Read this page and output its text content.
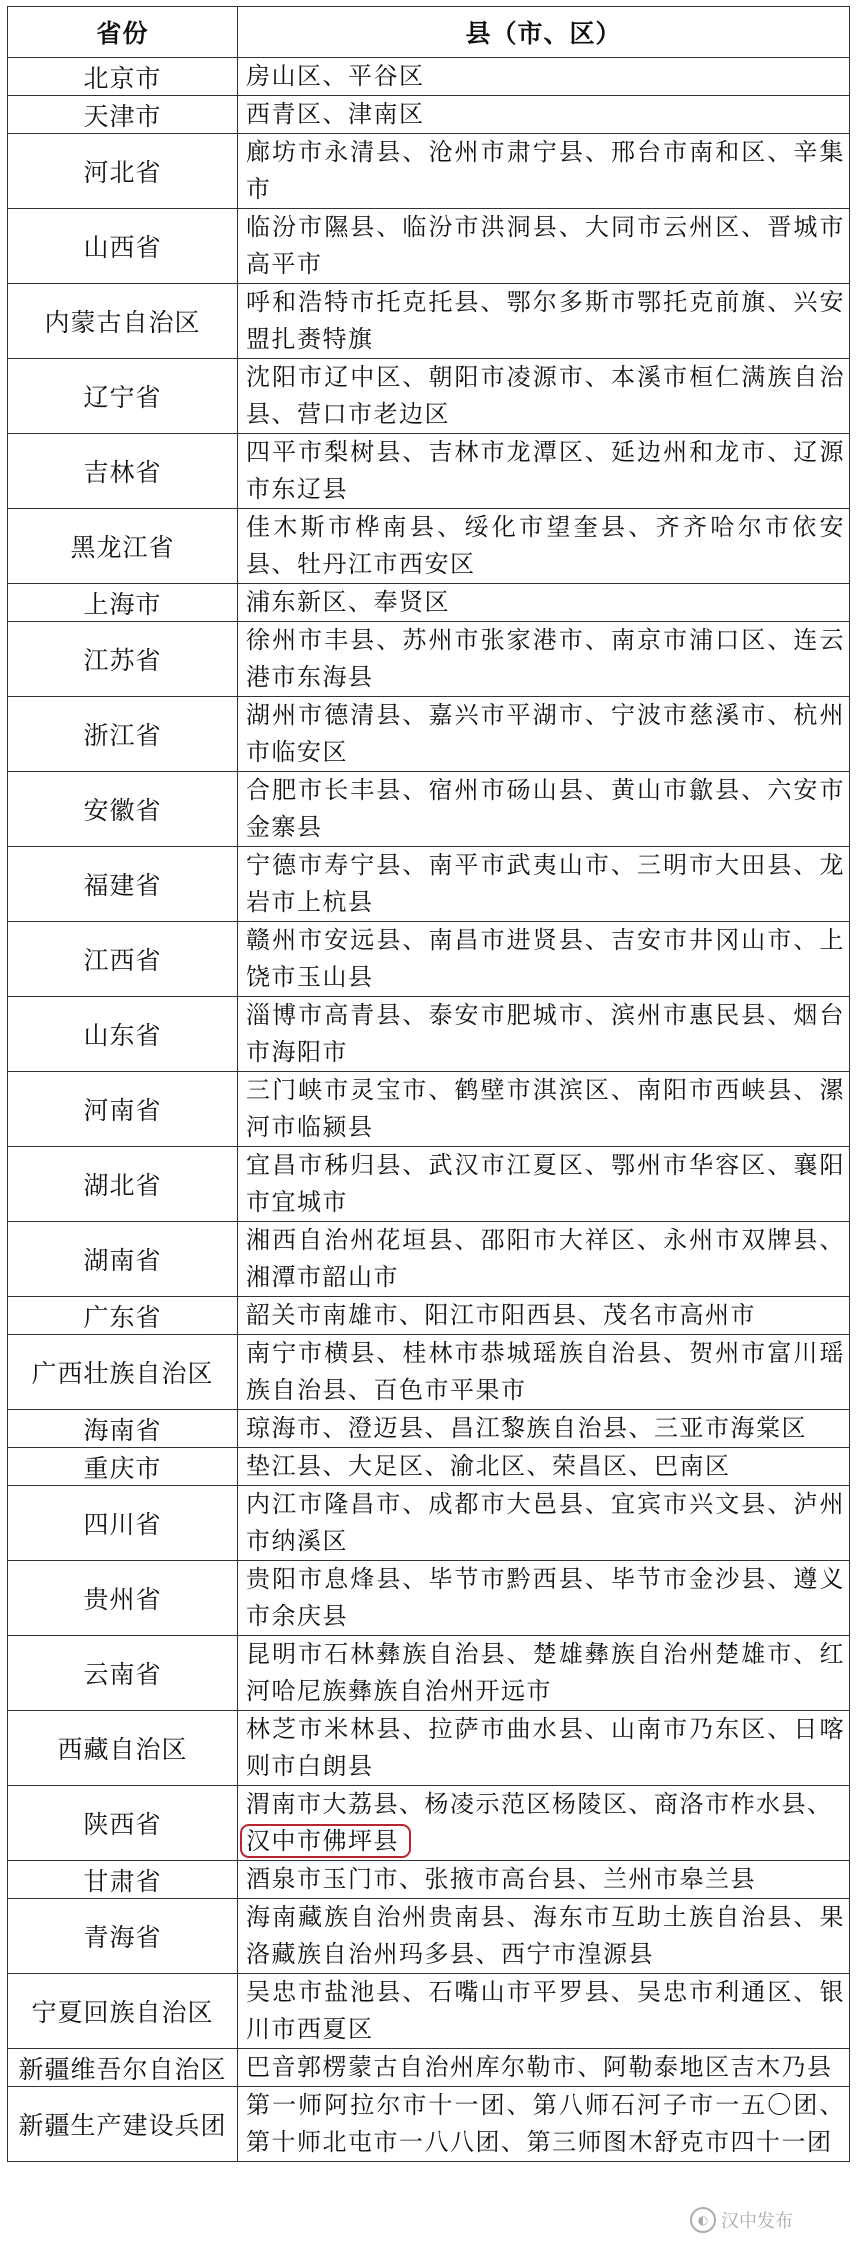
省份	县（市、区）
北京市	房山区、平谷区
天津市	西青区、津南区
河北省	廊坊市永清县、沧州市肃宁县、邢台市南和区、辛集市
山西省	临汾市隰县、临汾市洪洞县、大同市云州区、晋城市高平市
内蒙古自治区	呼和浩特市托克托县、鄂尔多斯市鄂托克前旗、兴安盟扎赉特旗
辽宁省	沈阳市辽中区、朝阳市凌源市、本溪市桓仁满族自治县、营口市老边区
吉林省	四平市梨树县、吉林市龙潭区、延边州和龙市、辽源市东辽县
黑龙江省	佳木斯市桦南县、绥化市望奎县、齐齐哈尔市依安县、牡丹江市西安区
上海市	浦东新区、奉贤区
江苏省	徐州市丰县、苏州市张家港市、南京市浦口区、连云港市东海县
浙江省	湖州市德清县、嘉兴市平湖市、宁波市慈溪市、杭州市临安区
安徽省	合肥市长丰县、宿州市砀山县、黄山市歙县、六安市金寨县
福建省	宁德市寿宁县、南平市武夷山市、三明市大田县、龙岩市上杭县
江西省	赣州市安远县、南昌市进贤县、吉安市井冈山市、上饶市玉山县
山东省	淄博市高青县、泰安市肥城市、滨州市惠民县、烟台市海阳市
河南省	三门峡市灵宝市、鹤壁市淇滨区、南阳市西峡县、漯河市临颍县
湖北省	宜昌市秭归县、武汉市江夏区、鄂州市华容区、襄阳市宜城市
湖南省	湘西自治州花垣县、邵阳市大祥区、永州市双牌县、湘潭市韶山市
广东省	韶关市南雄市、阳江市阳西县、茂名市高州市
广西壮族自治区	南宁市横县、桂林市恭城瑶族自治县、贺州市富川瑶族自治县、百色市平果市
海南省	琼海市、澄迈县、昌江黎族自治县、三亚市海棠区
重庆市	垫江县、大足区、渝北区、荣昌区、巴南区
四川省	内江市隆昌市、成都市大邑县、宜宾市兴文县、泸州市纳溪区
贵州省	贵阳市息烽县、毕节市黔西县、毕节市金沙县、遵义市余庆县
云南省	昆明市石林彝族自治县、楚雄彝族自治州楚雄市、红河哈尼族彝族自治州开远市
西藏自治区	林芝市米林县、拉萨市曲水县、山南市乃东区、日喀则市白朗县
陕西省	渭南市大荔县、杨凌示范区杨陵区、商洛市柞水县、
汉中市佛坪县
甘肃省	酒泉市玉门市、张掖市高台县、兰州市皋兰县
青海省	海南藏族自治州贵南县、海东市互助土族自治县、果洛藏族自治州玛多县、西宁市湟源县
宁夏回族自治区	吴忠市盐池县、石嘴山市平罗县、吴忠市利通区、银川市西夏区
新疆维吾尔自治区	巴音郭楞蒙古自治州库尔勒市、阿勒泰地区吉木乃县
新疆生产建设兵团	第一师阿拉尔市十一团、第八师石河子市一五〇团、第十师北屯市一八八团、第三师图木舒克市四十一团
◐ 汉中发布
